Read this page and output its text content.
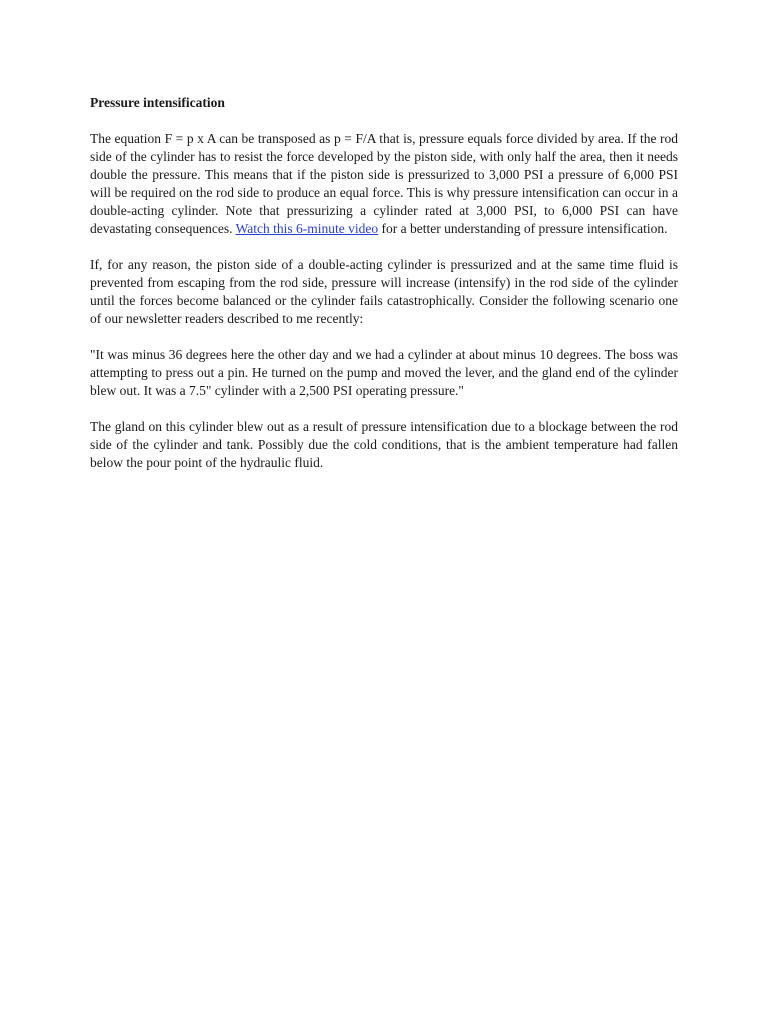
Pressure intensification

The equation F = p x A can be transposed as p = F/A that is, pressure equals force divided by area. If the rod side of the cylinder has to resist the force developed by the piston side, with only half the area, then it needs double the pressure. This means that if the piston side is pressurized to 3,000 PSI a pressure of 6,000 PSI will be required on the rod side to produce an equal force. This is why pressure intensification can occur in a double-acting cylinder. Note that pressurizing a cylinder rated at 3,000 PSI, to 6,000 PSI can have devastating consequences. Watch this 6-minute video for a better understanding of pressure intensification.

If, for any reason, the piston side of a double-acting cylinder is pressurized and at the same time fluid is prevented from escaping from the rod side, pressure will increase (intensify) in the rod side of the cylinder until the forces become balanced or the cylinder fails catastrophically. Consider the following scenario one of our newsletter readers described to me recently:

"It was minus 36 degrees here the other day and we had a cylinder at about minus 10 degrees. The boss was attempting to press out a pin. He turned on the pump and moved the lever, and the gland end of the cylinder blew out. It was a 7.5" cylinder with a 2,500 PSI operating pressure."

The gland on this cylinder blew out as a result of pressure intensification due to a blockage between the rod side of the cylinder and tank. Possibly due the cold conditions, that is the ambient temperature had fallen below the pour point of the hydraulic fluid.
